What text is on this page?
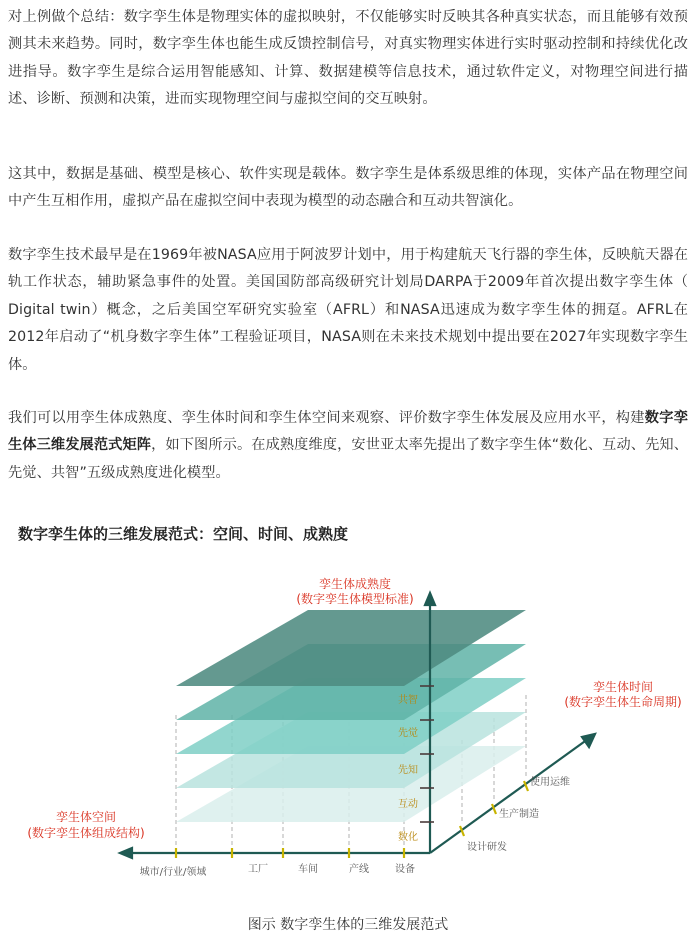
对上例做个总结：数字孪生体是物理实体的虚拟映射，不仅能够实时反映其各种真实状态，而且能够有效预测其未来趋势。同时，数字孪生体也能生成反馈控制信号，对真实物理实体进行实时驱动控制和持续优化改进指导。数字孪生是综合运用智能感知、计算、数据建模等信息技术，通过软件定义，对物理空间进行描述、诊断、预测和决策，进而实现物理空间与虚拟空间的交互映射。

这其中，数据是基础、模型是核心、软件实现是载体。数字孪生是体系级思维的体现，实体产品在物理空间中产生互相作用，虚拟产品在虚拟空间中表现为模型的动态融合和互动共智演化。

数字孪生技术最早是在1969年被NASA应用于阿波罗计划中，用于构建航天飞行器的孪生体，反映航天器在轨工作状态，辅助紧急事件的处置。美国国防部高级研究计划局DARPA于2009年首次提出数字孪生体（ Digital twin）概念，之后美国空军研究实验室（AFRL）和NASA迅速成为数字孪生体的拥趸。AFRL在2012年启动了“机身数字孪生体”工程验证项目，NASA则在未来技术规划中提出要在2027年实现数字孪生体。

我们可以用孪生体成熟度、孪生体时间和孪生体空间来观察、评价数字孪生体发展及应用水平，构建数字孪生体三维发展范式矩阵，如下图所示。在成熟度维度，安世亚太率先提出了数字孪生体“数化、互动、先知、先觉、共智”五级成熟度进化模型。

数字孪生体的三维发展范式：空间、时间、成熟度
数化
互动
先知
先觉
共智
城市/行业/领域	工厂	车间	产线	设备
设计研发
生产制造
使用运维
孪生体成熟度
(数字孪生体模型标准)
孪生体时间
(数字孪生体生命周期)
孪生体空间
(数字孪生体组成结构)
图示 数字孪生体的三维发展范式
